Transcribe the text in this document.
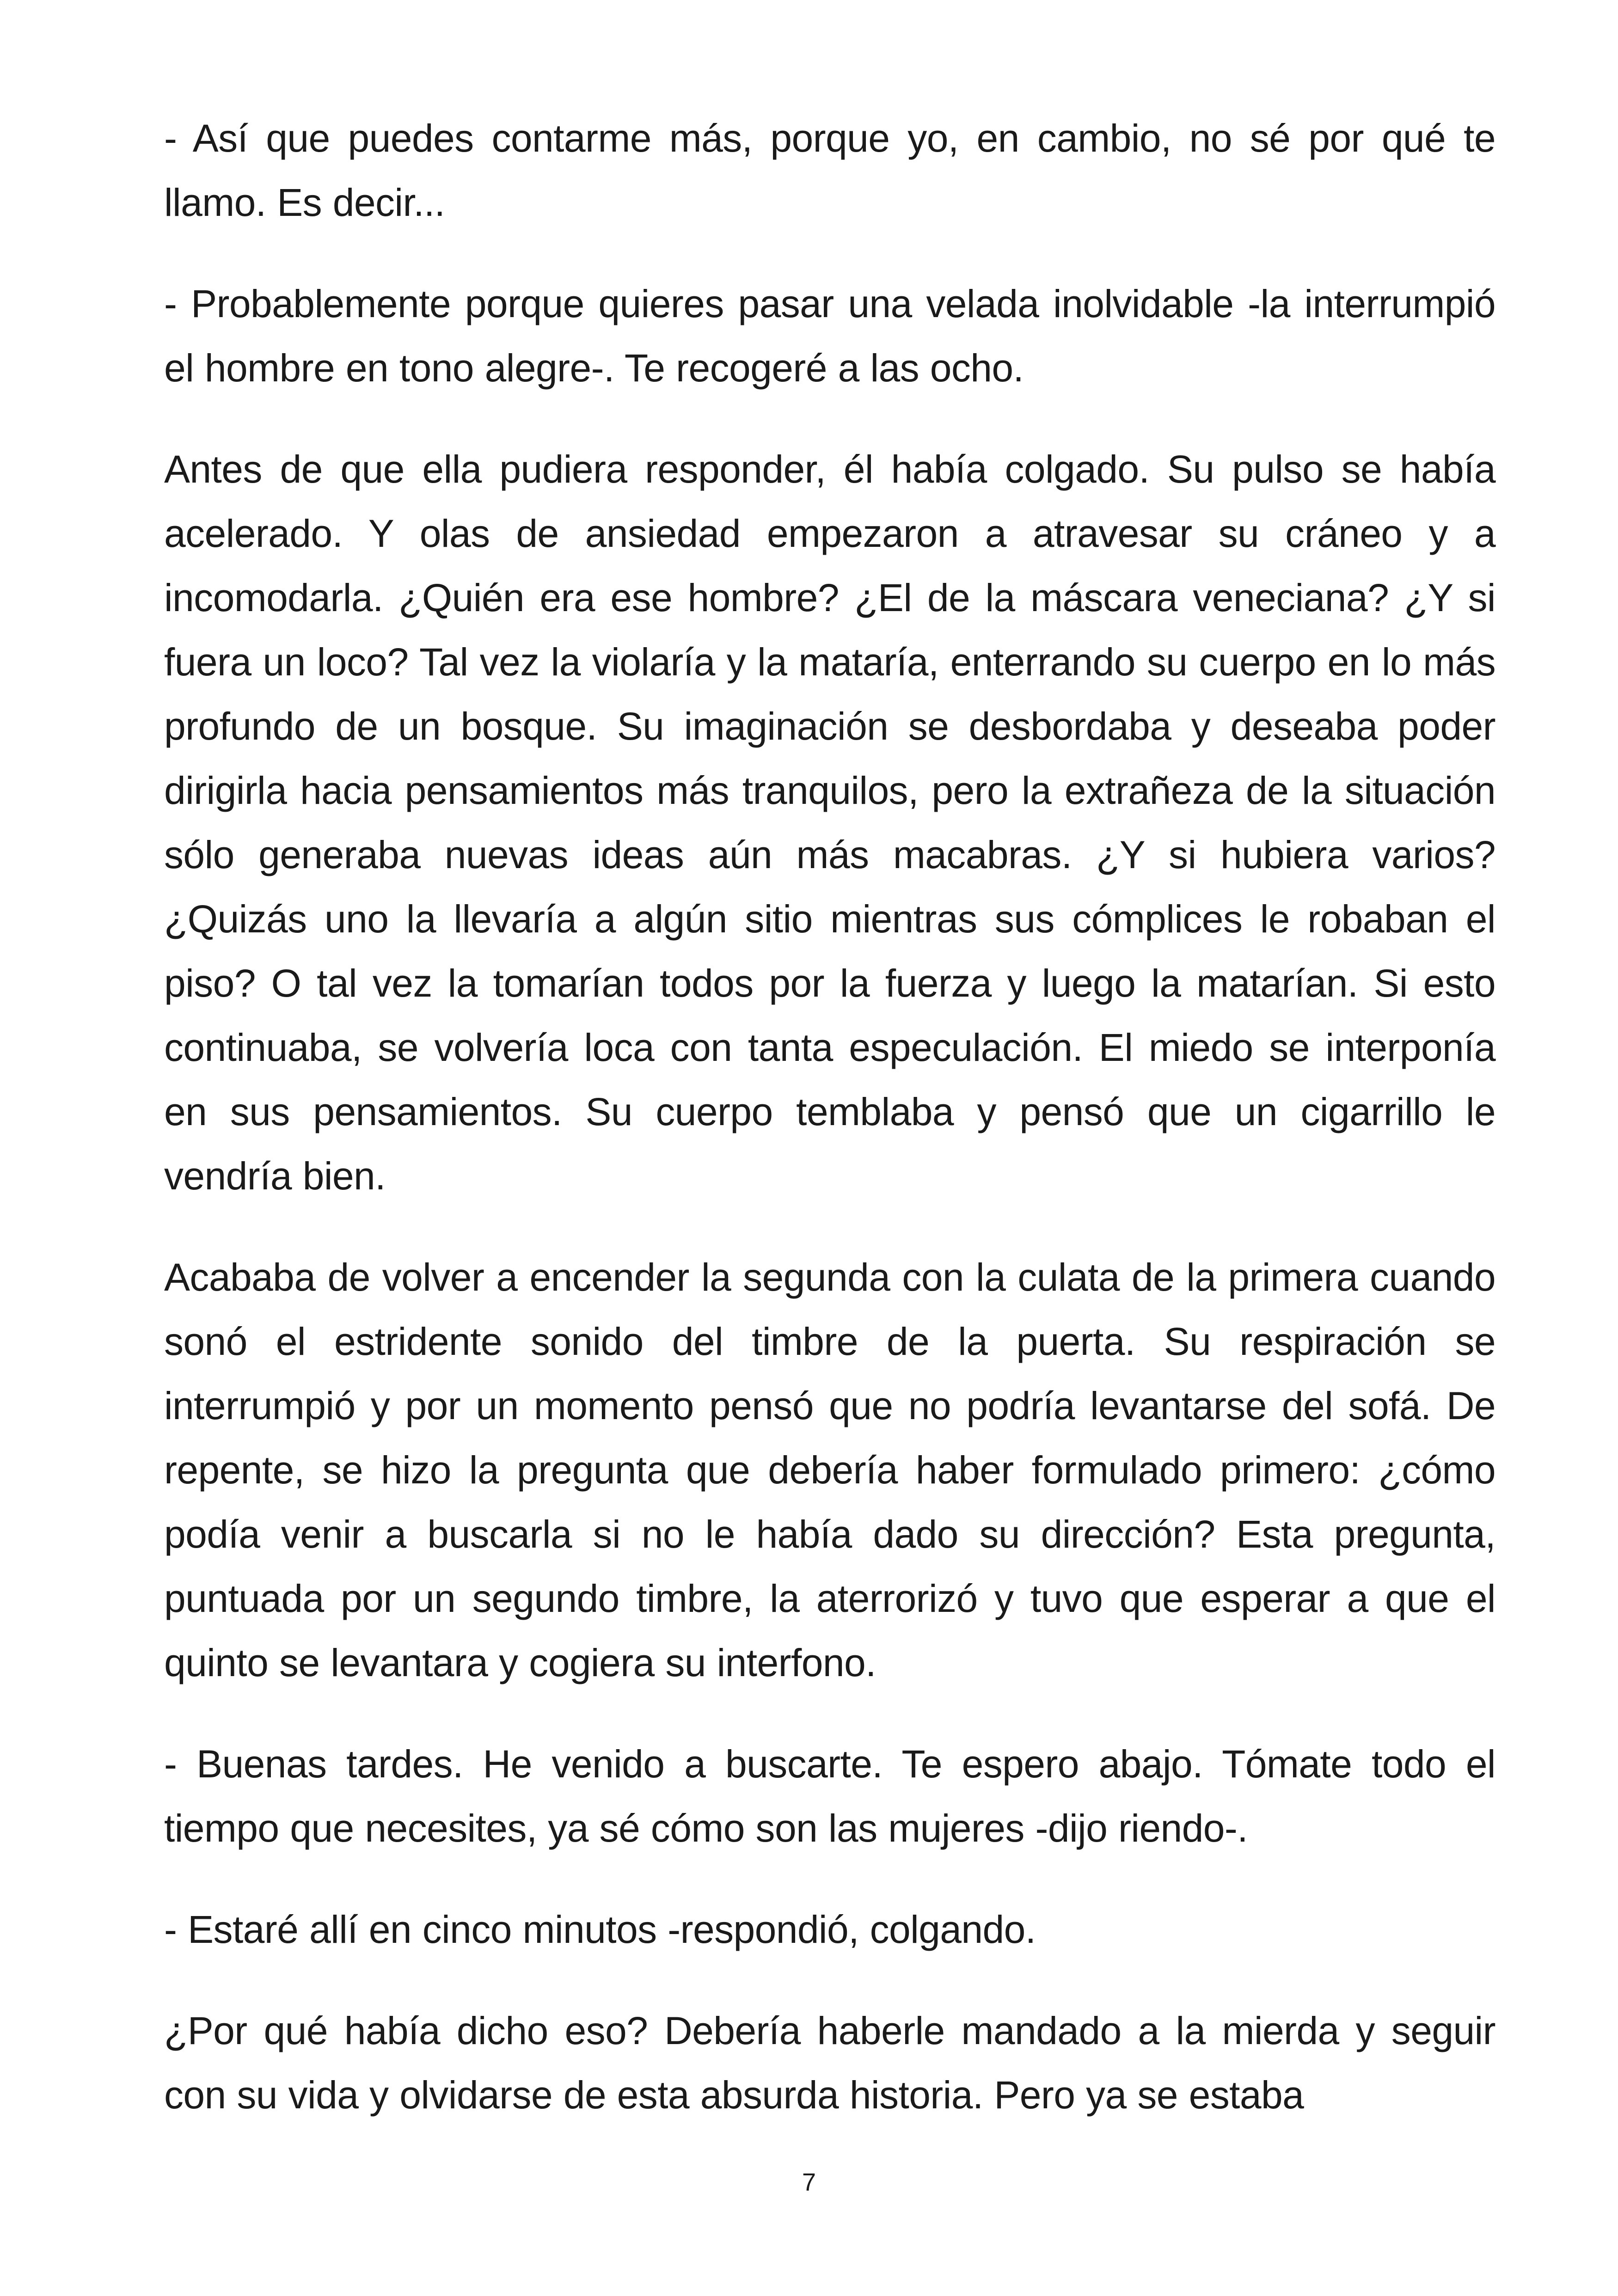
- Así que puedes contarme más, porque yo, en cambio, no sé por qué te llamo. Es decir...

- Probablemente porque quieres pasar una velada inolvidable -la interrumpió el hombre en tono alegre-. Te recogeré a las ocho.

Antes de que ella pudiera responder, él había colgado. Su pulso se había acelerado. Y olas de ansiedad empezaron a atravesar su cráneo y a incomodarla. ¿Quién era ese hombre? ¿El de la máscara veneciana? ¿Y si fuera un loco? Tal vez la violaría y la mataría, enterrando su cuerpo en lo más profundo de un bosque. Su imaginación se desbordaba y deseaba poder dirigirla hacia pensamientos más tranquilos, pero la extrañeza de la situación sólo generaba nuevas ideas aún más macabras. ¿Y si hubiera varios? ¿Quizás uno la llevaría a algún sitio mientras sus cómplices le robaban el piso? O tal vez la tomarían todos por la fuerza y luego la matarían. Si esto continuaba, se volvería loca con tanta especulación. El miedo se interponía en sus pensamientos. Su cuerpo temblaba y pensó que un cigarrillo le vendría bien.

Acababa de volver a encender la segunda con la culata de la primera cuando sonó el estridente sonido del timbre de la puerta. Su respiración se interrumpió y por un momento pensó que no podría levantarse del sofá. De repente, se hizo la pregunta que debería haber formulado primero: ¿cómo podía venir a buscarla si no le había dado su dirección? Esta pregunta, puntuada por un segundo timbre, la aterrorizó y tuvo que esperar a que el quinto se levantara y cogiera su interfono.

- Buenas tardes. He venido a buscarte. Te espero abajo. Tómate todo el tiempo que necesites, ya sé cómo son las mujeres -dijo riendo-.

- Estaré allí en cinco minutos -respondió, colgando.

¿Por qué había dicho eso? Debería haberle mandado a la mierda y seguir con su vida y olvidarse de esta absurda historia. Pero ya se estaba

7
